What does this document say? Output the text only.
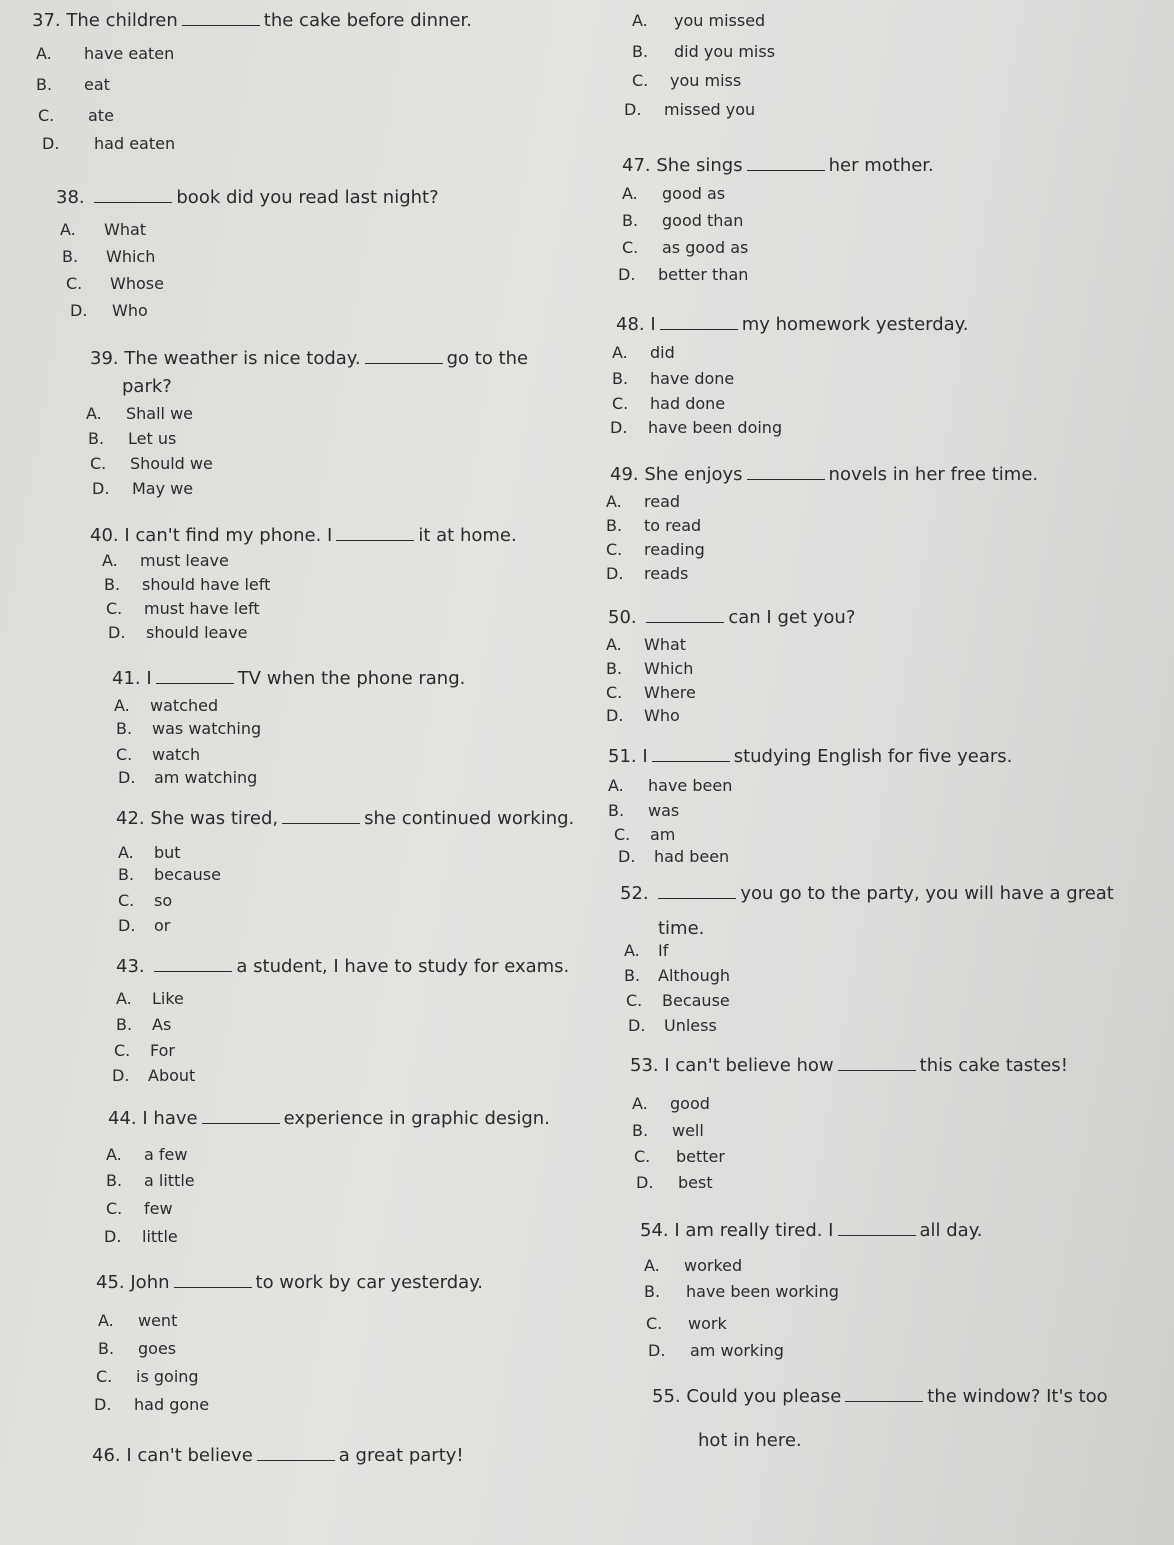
37. The children	the cake before dinner.
A. have eaten
B. eat
C. ate
D. had eaten
38.	book did you read last night?
A. What
B. Which
C. Whose
D. Who
39. The weather is nice today.	go to the
park?
A. Shall we
B. Let us
C. Should we
D. May we
40. I can't find my phone. I	it at home.
A. must leave
B. should have left
C. must have left
D. should leave
41. I	TV when the phone rang.
A. watched
B. was watching
C. watch
D. am watching
42. She was tired,	she continued working.
A. but
B. because
C. so
D. or
43.	a student, I have to study for exams.
A. Like
B. As
C. For
D. About
44. I have	experience in graphic design.
A. a few
B. a little
C. few
D. little
45. John	to work by car yesterday.
A. went
B. goes
C. is going
D. had gone
46. I can't believe	a great party!
A. you missed
B. did you miss
C. you miss
D. missed you
47. She sings	her mother.
A. good as
B. good than
C. as good as
D. better than
48. I	my homework yesterday.
A. did
B. have done
C. had done
D. have been doing
49. She enjoys	novels in her free time.
A. read
B. to read
C. reading
D. reads
50.	can I get you?
A. What
B. Which
C. Where
D. Who
51. I	studying English for five years.
A. have been
B. was
C. am
D. had been
52.	you go to the party, you will have a great
time.
A. If
B. Although
C. Because
D. Unless
53. I can't believe how	this cake tastes!
A. good
B. well
C. better
D. best
54. I am really tired. I	all day.
A. worked
B. have been working
C. work
D. am working
55. Could you please	the window? It's too
hot in here.
